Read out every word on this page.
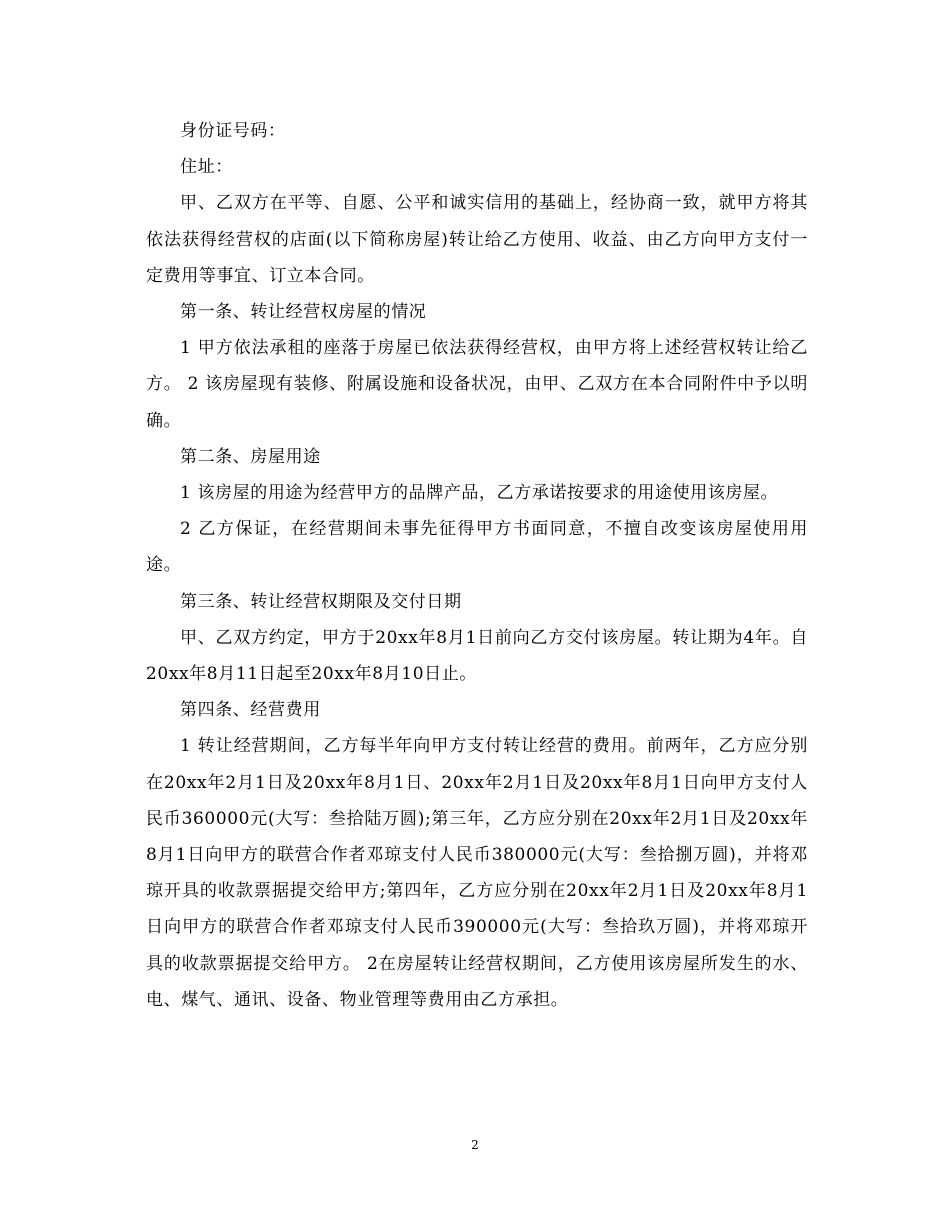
身份证号码：

住址：

甲、乙双方在平等、自愿、公平和诚实信用的基础上，经协商一致，就甲方将其依法获得经营权的店面(以下简称房屋)转让给乙方使用、收益、由乙方向甲方支付一定费用等事宜、订立本合同。

第一条、转让经营权房屋的情况

1 甲方依法承租的座落于房屋已依法获得经营权，由甲方将上述经营权转让给乙方。 2 该房屋现有装修、附属设施和设备状况，由甲、乙双方在本合同附件中予以明确。

第二条、房屋用途

1 该房屋的用途为经营甲方的品牌产品，乙方承诺按要求的用途使用该房屋。

2 乙方保证，在经营期间未事先征得甲方书面同意，不擅自改变该房屋使用用途。

第三条、转让经营权期限及交付日期

甲、乙双方约定，甲方于20xx年8月1日前向乙方交付该房屋。转让期为4年。自20xx年8月11日起至20xx年8月10日止。

第四条、经营费用

1 转让经营期间，乙方每半年向甲方支付转让经营的费用。前两年，乙方应分别在20xx年2月1日及20xx年8月1日、20xx年2月1日及20xx年8月1日向甲方支付人民币360000元(大写：叁拾陆万圆);第三年，乙方应分别在20xx年2月1日及20xx年8月1日向甲方的联营合作者邓琼支付人民币380000元(大写：叁拾捌万圆)，并将邓琼开具的收款票据提交给甲方;第四年，乙方应分别在20xx年2月1日及20xx年8月1日向甲方的联营合作者邓琼支付人民币390000元(大写：叁拾玖万圆)，并将邓琼开具的收款票据提交给甲方。 2在房屋转让经营权期间，乙方使用该房屋所发生的水、电、煤气、通讯、设备、物业管理等费用由乙方承担。

2
